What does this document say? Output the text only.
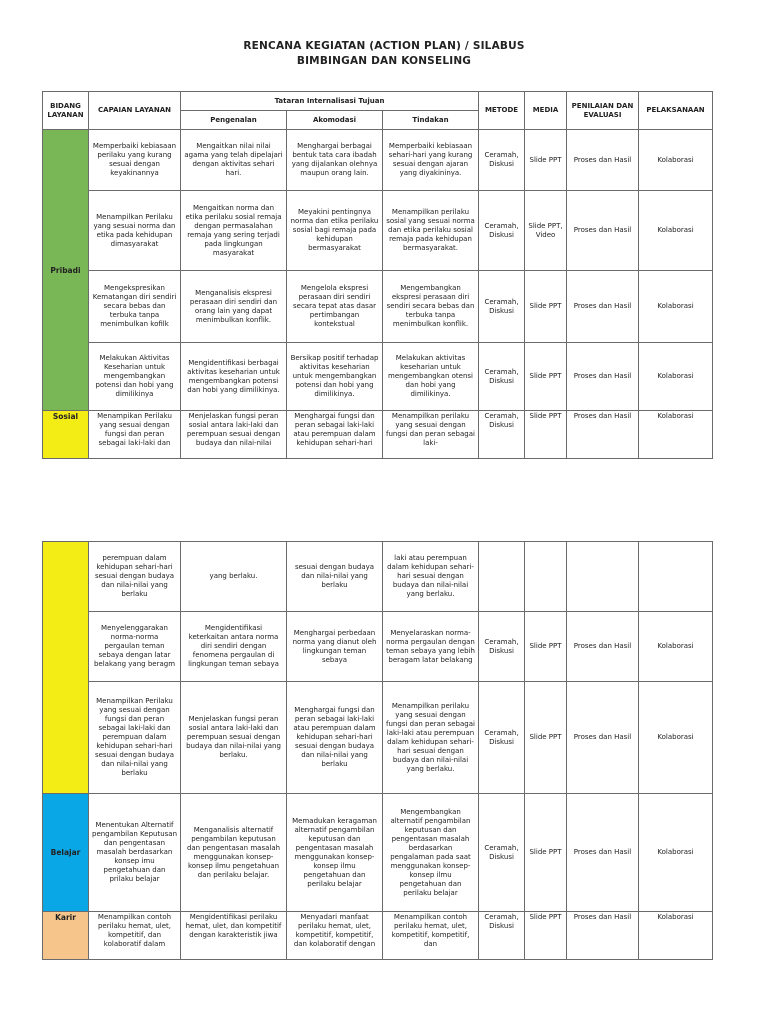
RENCANA KEGIATAN (ACTION PLAN) / SILABUS
BIMBINGAN DAN KONSELING
BIDANG LAYANAN	CAPAIAN LAYANAN	Tataran Internalisasi Tujuan			METODE	MEDIA	PENILAIAN DAN EVALUASI	PELAKSANAAN
		Pengenalan	Akomodasi	Tindakan				
Pribadi	Memperbaiki kebiasaan perilaku yang kurang sesuai dengan keyakinannya	Mengaitkan nilai nilai agama yang telah dipelajari dengan aktivitas sehari hari.	Menghargai berbagai bentuk tata cara ibadah yang dijalankan olehnya maupun orang lain.	Memperbaiki kebiasaan sehari-hari yang kurang sesuai dengan ajaran yang diyakininya.	Ceramah, Diskusi	Slide PPT	Proses dan Hasil	Kolaborasi
	Menampilkan Perilaku yang sesuai norma dan etika pada kehidupan dimasyarakat	Mengaitkan norma dan etika perilaku sosial remaja dengan permasalahan remaja yang sering terjadi pada lingkungan masyarakat	Meyakini pentingnya norma dan etika perilaku sosial bagi remaja pada kehidupan bermasyarakat	Menampilkan perilaku sosial yang sesuai norma dan etika perilaku sosial remaja pada kehidupan bermasyarakat.	Ceramah, Diskusi	Slide PPT, Video	Proses dan Hasil	Kolaborasi
	Mengekspresikan Kematangan diri sendiri secara bebas dan terbuka tanpa menimbulkan kofilk	Menganalisis ekspresi perasaan diri sendiri dan orang lain yang dapat menimbulkan konflik.	Mengelola ekspresi perasaan diri sendiri secara tepat atas dasar pertimbangan kontekstual	Mengembangkan ekspresi perasaan diri sendiri secara bebas dan terbuka tanpa menimbulkan konflik.	Ceramah, Diskusi	Slide PPT	Proses dan Hasil	Kolaborasi
	Melakukan Aktivitas Keseharian untuk mengembangkan potensi dan hobi yang dimilikinya	Mengidentifikasi berbagai aktivitas keseharian untuk mengembangkan potensi dan hobi yang dimilikinya.	Bersikap positif terhadap aktivitas keseharian untuk mengembangkan potensi dan hobi yang dimilikinya.	Melakukan aktivitas keseharian untuk mengembangkan otensi dan hobi yang dimilikinya.	Ceramah, Diskusi	Slide PPT	Proses dan Hasil	Kolaborasi
Sosial	Menampikan Perilaku yang sesuai dengan fungsi dan peran sebagai laki-laki dan	Menjelaskan fungsi peran sosial antara laki-laki dan perempuan sesuai dengan budaya dan nilai-nilai	Menghargai fungsi dan peran sebagai laki-laki atau perempuan dalam kehidupan sehari-hari	Menampilkan perilaku yang sesuai dengan fungsi dan peran sebagai laki-	Ceramah, Diskusi	Slide PPT	Proses dan Hasil	Kolaborasi
	perempuan dalam kehidupan sehari-hari sesuai dengan budaya dan nilai-nilai yang berlaku	yang berlaku.	sesuai dengan budaya dan nilai-nilai yang berlaku	laki atau perempuan dalam kehidupan sehari-hari sesuai dengan budaya dan nilai-nilai yang berlaku.				
	Menyelenggarakan norma-norma pergaulan teman sebaya dengan latar belakang yang beragm	Mengidentifikasi keterkaitan antara norma diri sendiri dengan fenomena pergaulan di lingkungan teman sebaya	Menghargai perbedaan norma yang dianut oleh lingkungan teman sebaya	Menyelaraskan norma-norma pergaulan dengan teman sebaya yang lebih beragam latar belakang	Ceramah, Diskusi	Slide PPT	Proses dan Hasil	Kolaborasi
	Menampilkan Perilaku yang sesuai dengan fungsi dan peran sebagai laki-laki dan perempuan dalam kehidupan sehari-hari sesuai dengan budaya dan nilai-nilai yang berlaku	Menjelaskan fungsi peran sosial antara laki-laki dan perempuan sesuai dengan budaya dan nilai-nilai yang berlaku.	Menghargai fungsi dan peran sebagai laki-laki atau perempuan dalam kehidupan sehari-hari sesuai dengan budaya dan nilai-nilai yang berlaku	Menampilkan perilaku yang sesuai dengan fungsi dan peran sebagai laki-laki atau perempuan dalam kehidupan sehari-hari sesuai dengan budaya dan nilai-nilai yang berlaku.	Ceramah, Diskusi	Slide PPT	Proses dan Hasil	Kolaborasi
Belajar	Menentukan Alternatif pengambilan Keputusan dan pengentasan masalah berdasarkan konsep imu pengetahuan dan prilaku belajar	Menganalisis alternatif pengambilan keputusan dan pengentasan masalah menggunakan konsep-konsep ilmu pengetahuan dan perilaku belajar.	Memadukan keragaman alternatif pengambilan keputusan dan pengentasan masalah menggunakan konsep-konsep ilmu pengetahuan dan perilaku belajar	Mengembangkan alternatif pengambilan keputusan dan pengentasan masalah berdasarkan pengalaman pada saat menggunakan konsep-konsep ilmu pengetahuan dan perilaku belajar	Ceramah, Diskusi	Slide PPT	Proses dan Hasil	Kolaborasi
Karir	Menampilkan contoh perilaku hemat, ulet, kompetitif, dan kolaboratif dalam	Mengidentifikasi perilaku hemat, ulet, dan kompetitif dengan karakteristik jiwa	Menyadari manfaat perilaku hemat, ulet, kompetitif, kompetitif, dan kolaboratif dengan	Menampilkan contoh perilaku hemat, ulet, kompetitif, kompetitif, dan	Ceramah, Diskusi	Slide PPT	Proses dan Hasil	Kolaborasi
